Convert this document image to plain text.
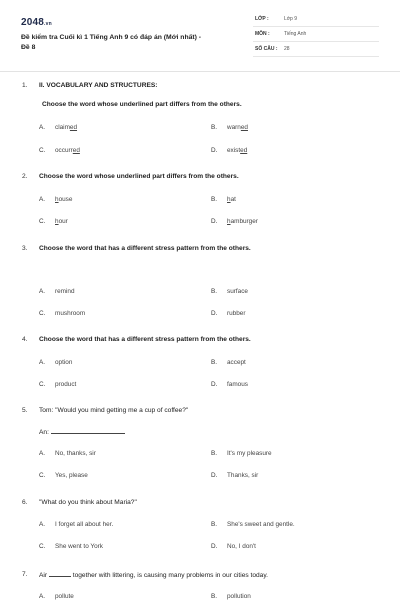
2048.vn
Đề kiểm tra Cuối kì 1 Tiếng Anh 9 có đáp án (Mới nhất) -
Đề 8
LỚP :	Lớp 9
MÔN :	Tiếng Anh
SỐ CÂU : 28
1. II. VOCABULARY AND STRUCTURES:
Choose the word whose underlined part differs from the others.
A. claimed	B. warned
C. occurred	D. existed
2. Choose the word whose underlined part differs from the others.
A. house	B. hat
C. hour	D. hamburger
3. Choose the word that has a different stress pattern from the others.
A. remind	B. surface
C. mushroom	D. rubber
4. Choose the word that has a different stress pattern from the others.
A. option	B. accept
C. product	D. famous
5. Tom: "Would you mind getting me a cup of coffee?"
An:
A. No, thanks, sir	B. It's my pleasure
C. Yes, please	D. Thanks, sir
6. "What do you think about Maria?"
A. I forget all about her.	B. She's sweet and gentle.
C. She went to York	D. No, I don't
7. Air	together with littering, is causing many problems in our cities today.
A. pollute	B. pollution
